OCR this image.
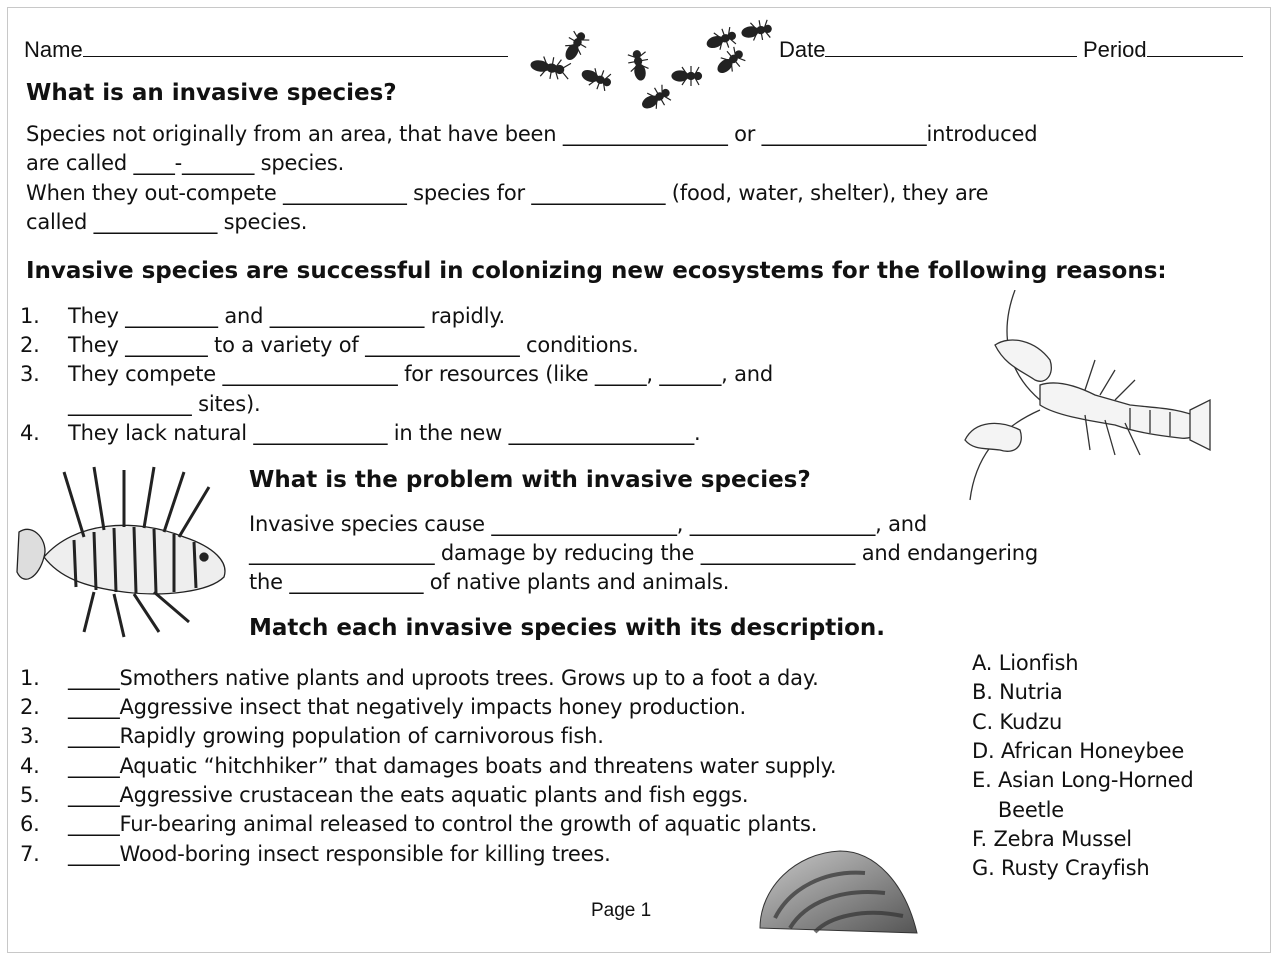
Name	Date	Period
What is an invasive species?
Species not originally from an area, that have been ________________ or ________________introduced
are called ____-_______ species.
When they out-compete ____________ species for _____________ (food, water, shelter), they are
called ____________ species.
Invasive species are successful in colonizing new ecosystems for the following reasons:
1. They _________ and _______________ rapidly.
2. They ________ to a variety of _______________ conditions.
3. They compete _________________ for resources (like _____, ______, and
____________ sites).
4. They lack natural _____________ in the new __________________.
What is the problem with invasive species?
Invasive species cause __________________, __________________, and
__________________ damage by reducing the _______________ and endangering
the _____________ of native plants and animals.
Match each invasive species with its description.
1. _____Smothers native plants and uproots trees. Grows up to a foot a day.
2. _____Aggressive insect that negatively impacts honey production.
3. _____Rapidly growing population of carnivorous fish.
4. _____Aquatic “hitchhiker” that damages boats and threatens water supply.
5. _____Aggressive crustacean the eats aquatic plants and fish eggs.
6. _____Fur-bearing animal released to control the growth of aquatic plants.
7. _____Wood-boring insect responsible for killing trees.
A. Lionfish
B. Nutria
C. Kudzu
D. African Honeybee
E. Asian Long-Horned
Beetle
F. Zebra Mussel
G. Rusty Crayfish
Page 1
